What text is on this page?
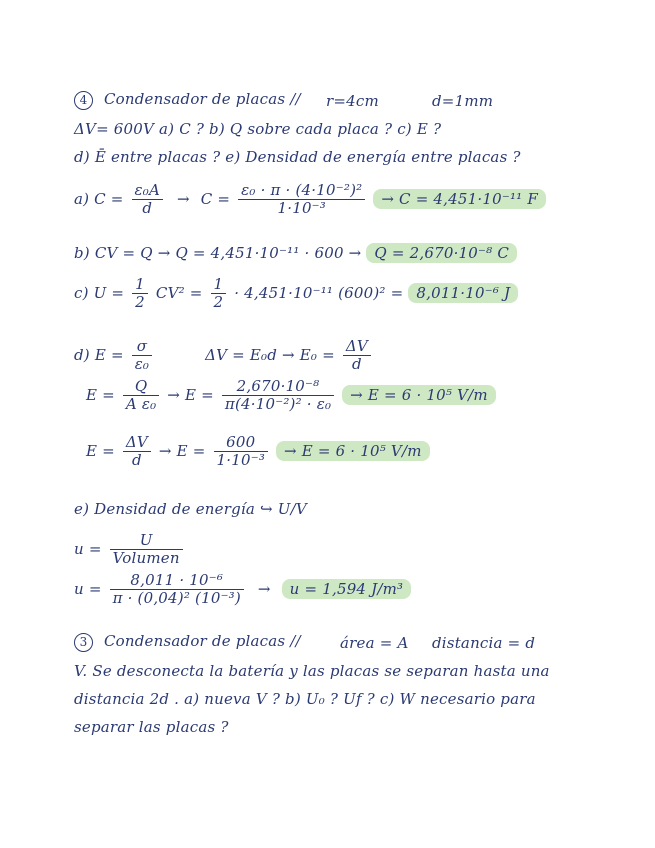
4 Condensador de placas // r=4cm	d=1mm
ΔV= 600V a) C ? b) Q sobre cada placa ? c) E ?
d) Ē entre placas ? e) Densidad de energía entre placas ?
a) $C = \frac{\text{ε₀A}}{d} \to C = \frac{\text{ε₀ · π · (4·10⁻²)²}}{\text{1·10⁻³}} \to C = 4,451\cdot 10^{-11}$ F
b) CV = Q → Q = 4,451·10⁻¹¹ · 600 → Q = 2,670·10⁻⁸ C
c) $U = \frac{1}{2} CV^2 = \frac{1}{2} \cdot 4,451\cdot 10^{-11}$ (600)² = 8,011·10⁻⁶ J
d) $E = \frac{\sigma}{\text{ε₀}}$	$\Delta V = E_0d \to E_0 = \frac{\Delta V}{d}$
$E = \frac{Q}{\text{A ε₀}} \to E = \frac{\text{2,670·10⁻⁸}}{\text{π(4·10⁻²)² · ε₀}} \to E = 6 \cdot 10^5$ V/m
$E = \frac{\Delta V}{d} \to E = \frac{600}{\text{1·10⁻³}} \to E = 6 \cdot 10^5$ V/m
e) Densidad de energía ↪ U/V
$u = \frac{U}{\text{Volumen}}$
$u = \frac{\text{8,011 · 10⁻⁶}}{\text{π · (0,04)² (10⁻³)}} \to u = 1,594$ J/m³
3 Condensador de placas //	área = A distancia = d
V. Se desconecta la batería y las placas se separan hasta una
distancia 2d . a) nueva V ? b) U₀ ? Uf ? c) W necesario para
separar las placas ?
